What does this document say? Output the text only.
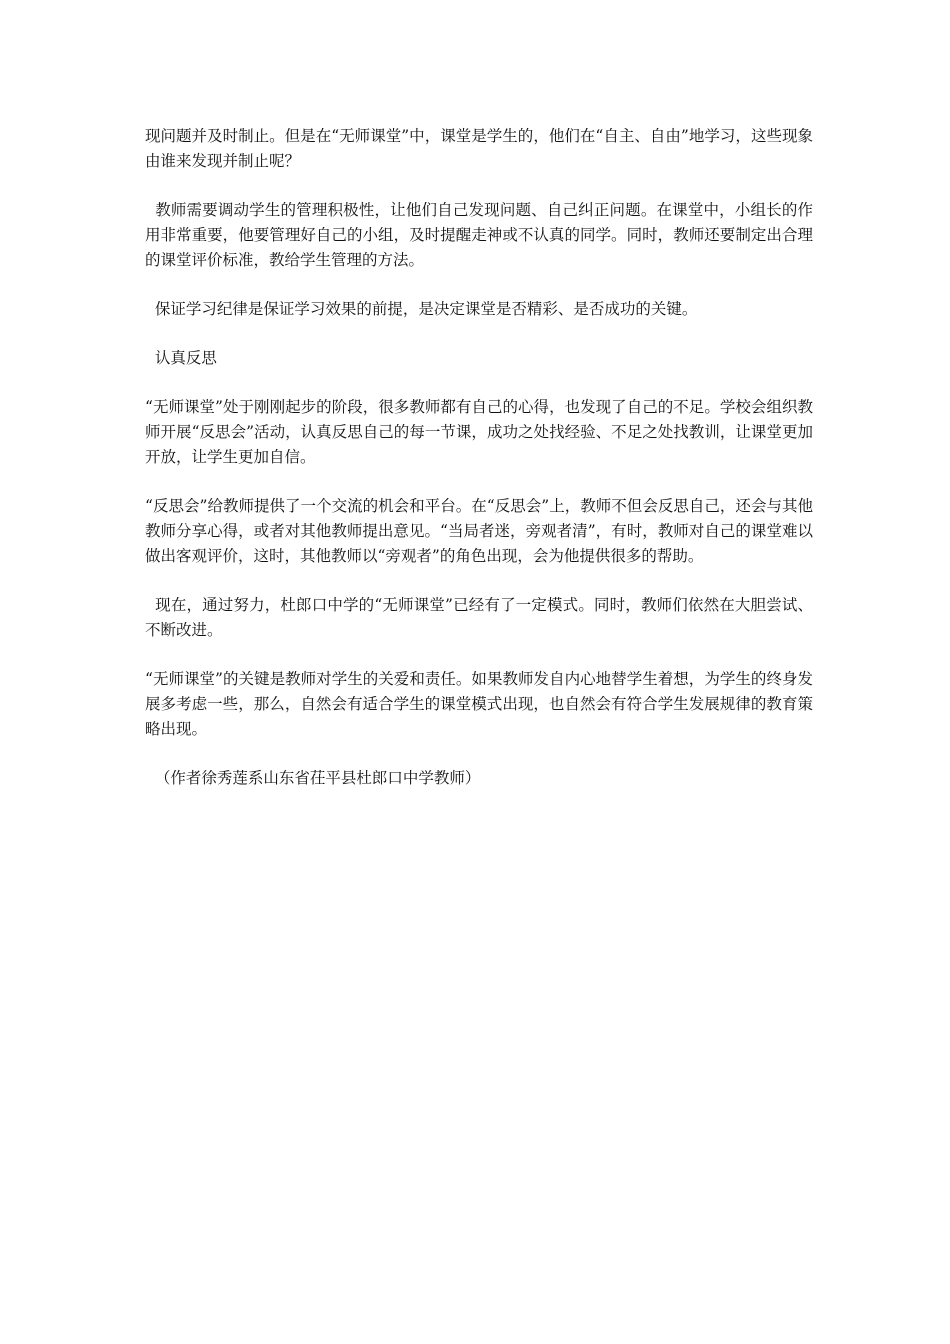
现问题并及时制止。但是在“无师课堂”中，课堂是学生的，他们在“自主、自由”地学习，这些现象由谁来发现并制止呢？

教师需要调动学生的管理积极性，让他们自己发现问题、自己纠正问题。在课堂中，小组长的作用非常重要，他要管理好自己的小组，及时提醒走神或不认真的同学。同时，教师还要制定出合理的课堂评价标准，教给学生管理的方法。

保证学习纪律是保证学习效果的前提，是决定课堂是否精彩、是否成功的关键。

认真反思

“无师课堂”处于刚刚起步的阶段，很多教师都有自己的心得，也发现了自己的不足。学校会组织教师开展“反思会”活动，认真反思自己的每一节课，成功之处找经验、不足之处找教训，让课堂更加开放，让学生更加自信。

“反思会”给教师提供了一个交流的机会和平台。在“反思会”上，教师不但会反思自己，还会与其他教师分享心得，或者对其他教师提出意见。“当局者迷，旁观者清”，有时，教师对自己的课堂难以做出客观评价，这时，其他教师以“旁观者”的角色出现，会为他提供很多的帮助。

现在，通过努力，杜郎口中学的“无师课堂”已经有了一定模式。同时，教师们依然在大胆尝试、不断改进。

“无师课堂”的关键是教师对学生的关爱和责任。如果教师发自内心地替学生着想，为学生的终身发展多考虑一些，那么，自然会有适合学生的课堂模式出现，也自然会有符合学生发展规律的教育策略出现。

（作者徐秀莲系山东省茌平县杜郎口中学教师）
